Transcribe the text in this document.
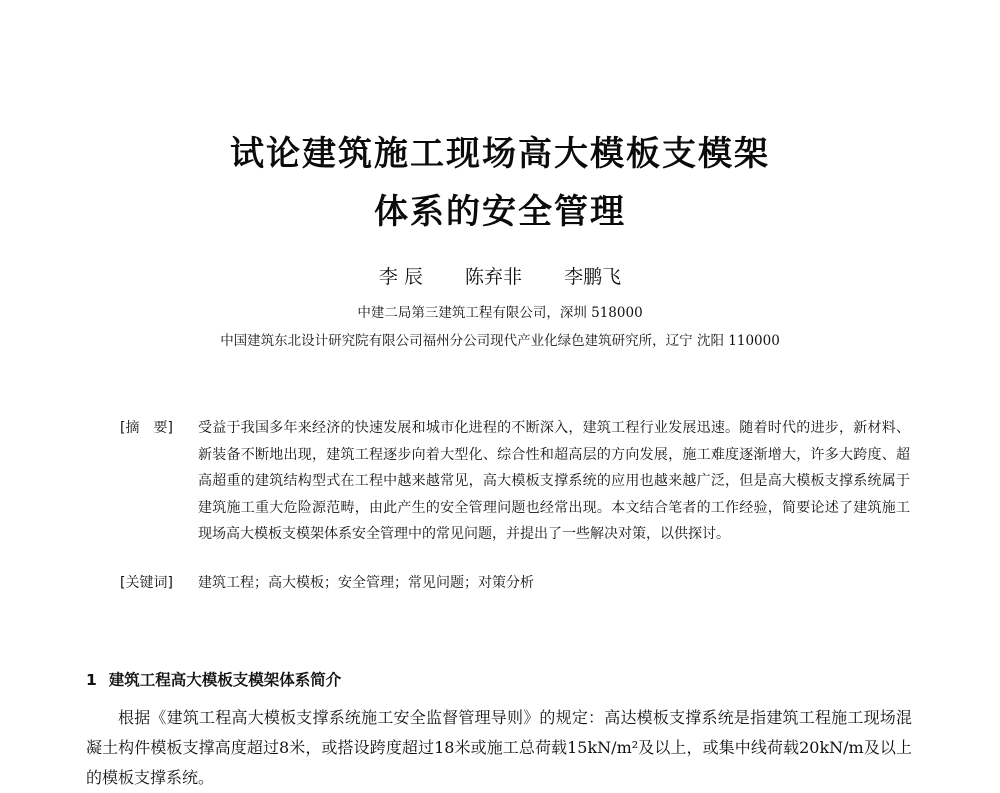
试论建筑施工现场高大模板支模架
体系的安全管理
李 辰 陈弃非 李鹏飞
中建二局第三建筑工程有限公司，深圳 518000
中国建筑东北设计研究院有限公司福州分公司现代产业化绿色建筑研究所，辽宁 沈阳 110000
[摘　要]	受益于我国多年来经济的快速发展和城市化进程的不断深入，建筑工程行业发展迅速。随着时代的进步，新材料、新装备不断地出现，建筑工程逐步向着大型化、综合性和超高层的方向发展，施工难度逐渐增大，许多大跨度、超高超重的建筑结构型式在工程中越来越常见，高大模板支撑系统的应用也越来越广泛，但是高大模板支撑系统属于建筑施工重大危险源范畴，由此产生的安全管理问题也经常出现。本文结合笔者的工作经验，简要论述了建筑施工现场高大模板支模架体系安全管理中的常见问题，并提出了一些解决对策，以供探讨。
[关键词] 建筑工程；高大模板；安全管理；常见问题；对策分析
1 建筑工程高大模板支模架体系简介
根据《建筑工程高大模板支撑系统施工安全监督管理导则》的规定：高达模板支撑系统是指建筑工程施工现场混凝土构件模板支撑高度超过8米，或搭设跨度超过18米或施工总荷载15kN/m²及以上，或集中线荷载20kN/m及以上的模板支撑系统。
